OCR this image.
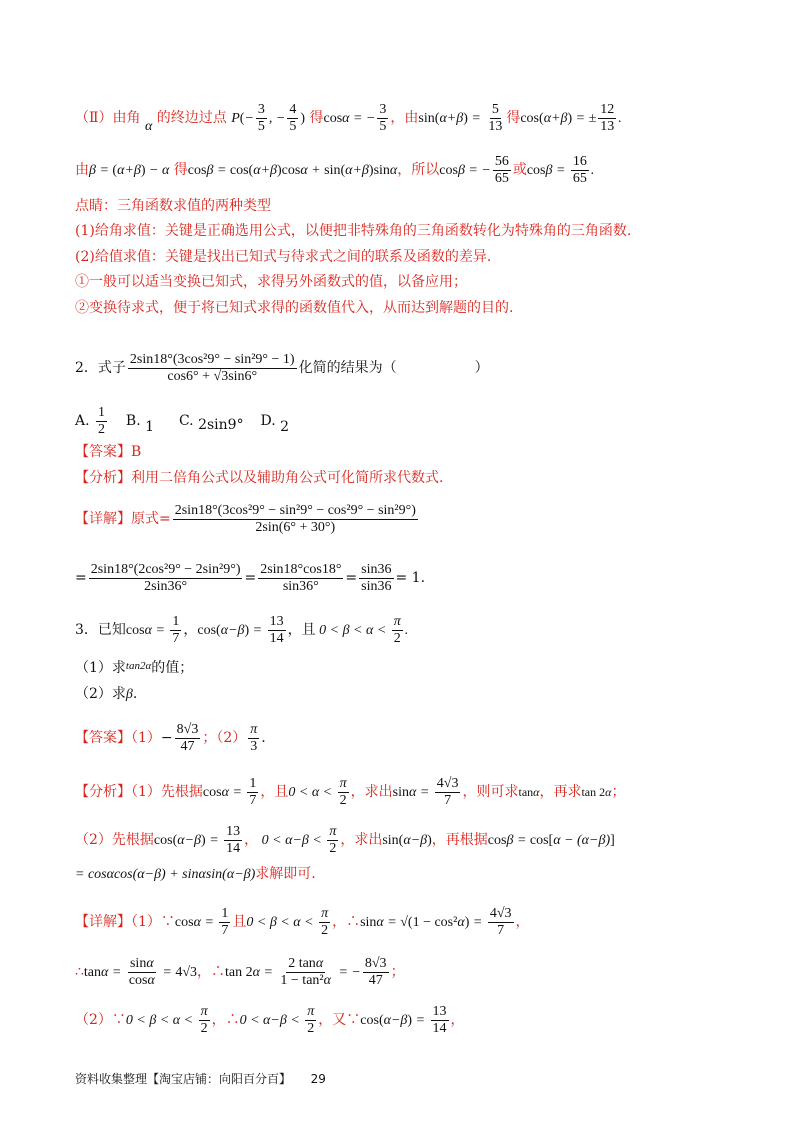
（Ⅱ）由角 α 的终边过点 $P(- \frac{3}{5}$ , − $\frac{4}{5}$ ) 得cosα = − $\frac{3}{5}$ ，由$\sin(\alpha+\beta) = \frac{5}{13}$ 得cos(α+β) = ± $\frac{12}{13}$ .
由β = (α+β) − α 得cosβ = cos(α+β)cosα + sin(α+β)sinα，所以cosβ = − $\frac{56}{65}$ 或$\cos\beta = \frac{16}{65}$ .
点睛：三角函数求值的两种类型
(1)给角求值：关键是正确选用公式，以便把非特殊角的三角函数转化为特殊角的三角函数.
(2)给值求值：关键是找出已知式与待求式之间的联系及函数的差异.
①一般可以适当变换已知式，求得另外函数式的值，以备应用；
②变换待求式，便于将已知式求得的函数值代入，从而达到解题的目的.
2．式子 $\frac{\text{2sin18°(3cos²9° − sin²9° − 1)}}{\cos 6^\circ + √3\sin 6^\circ}$ 化简的结果为（	）
A. $\frac{1}{2} B$. 1 C. 2sin9° D. 2
【答案】B
【分析】利用二倍角公式以及辅助角公式可化简所求代数式.
【详解】原式= $\frac{\text{2sin18°(3cos²9° − sin²9° − cos²9° − sin²9°)}}{2\sin(6^\circ + 30^\circ)}$
= $\frac{\text{2sin18°(2cos²9° − 2sin²9°)}}{2\sin 36^\circ} = \frac{2\sin 18^\circ\cos 18^\circ}{\sin 36^\circ} = \frac{\sin 36}{\sin 36} = 1$.
3．已知$\cos\alpha = \frac{1}{7}$ ，$\cos(\alpha-\beta) = \frac{13}{14}$ ，且 $0 < \beta < \alpha < \frac{\pi}{2}$ .
（1）求$^{tan2\alpha}$的值；
（2）求β.
【答案】$(1)- \frac{8√3}{47}$ ；$(2) \frac{\pi}{3}$ .
【分析】（1）先根据$\cos\alpha = \frac{1}{7}$ ，且$0 < \alpha < \frac{\pi}{2}$ ，求出$\sin\alpha = \frac{4√3}{7}$ ，则可求tanα，再求tan 2α；
（2）先根据$\cos(\alpha-\beta) = \frac{13}{14}$ ， $0 < \alpha-\beta < \frac{\pi}{2}$ ，求出sin(α−β)，再根据cosβ = cos[α − (α−β)]
= cosαcos(α−β) + sinαsin(α−β)求解即可.
【详解】（1）∵cosα = $\frac{1}{7}$ 且$0 < \beta < \alpha < \frac{\pi}{2}$ ，∴sinα = $√(1 - \cos^2\alpha) = \frac{4√3}{7}$ ，
∴tanα = $\frac{\sin\alpha}{\cos\alpha} = 4√3$，∴tan $2\alpha = \frac{2 \tan\alpha}{\text{1 − tan²α}}$ = − $\frac{8√3}{47}$ ；
（2）∵0 < $\beta < \alpha < \frac{\pi}{2}$ ，∴0 < $\alpha-\beta < \frac{\pi}{2}$ ，又∵cos(α−β) = $\frac{13}{14}$ ，
资料收集整理【淘宝店铺：向阳百分百】 29
